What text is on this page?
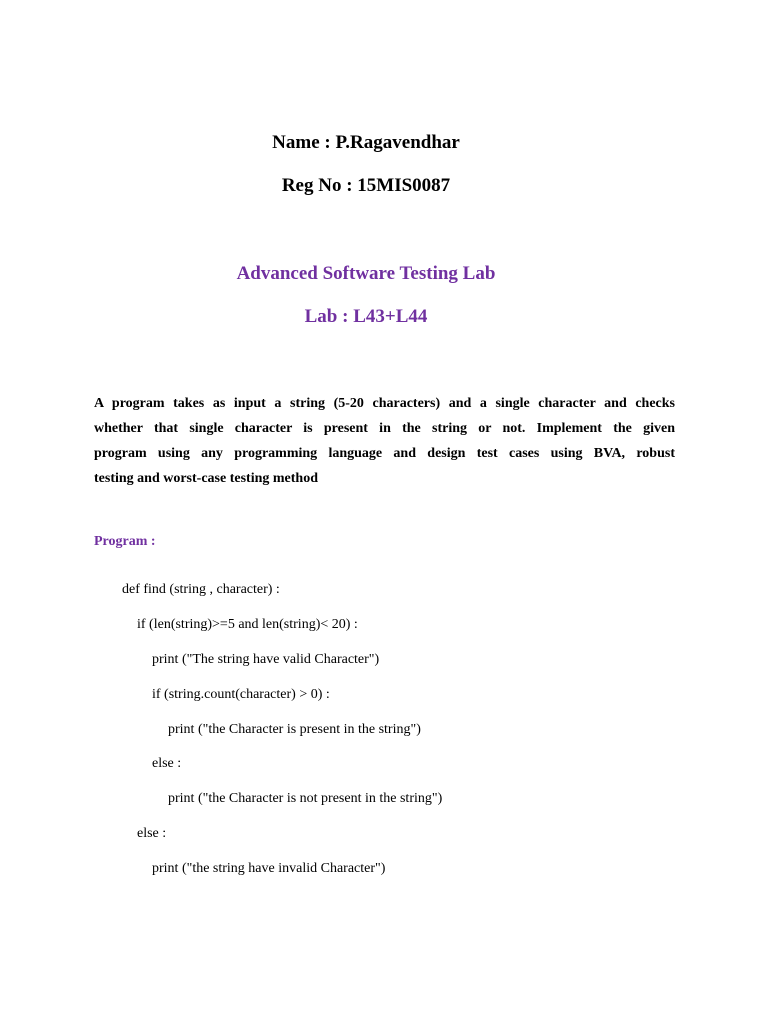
Name : P.Ragavendhar
Reg No : 15MIS0087
Advanced Software Testing Lab
Lab : L43+L44
A program takes as input a string (5-20 characters) and a single character and checks
whether that single character is present in the string or not. Implement the given
program using any programming language and design test cases using BVA, robust
testing and worst-case testing method
Program :
def find (string , character) :
if (len(string)>=5 and len(string)< 20) :
print ("The string have valid Character")
if (string.count(character) > 0) :
print ("the Character is present in the string")
else :
print ("the Character is not present in the string")
else :
print ("the string have invalid Character")
